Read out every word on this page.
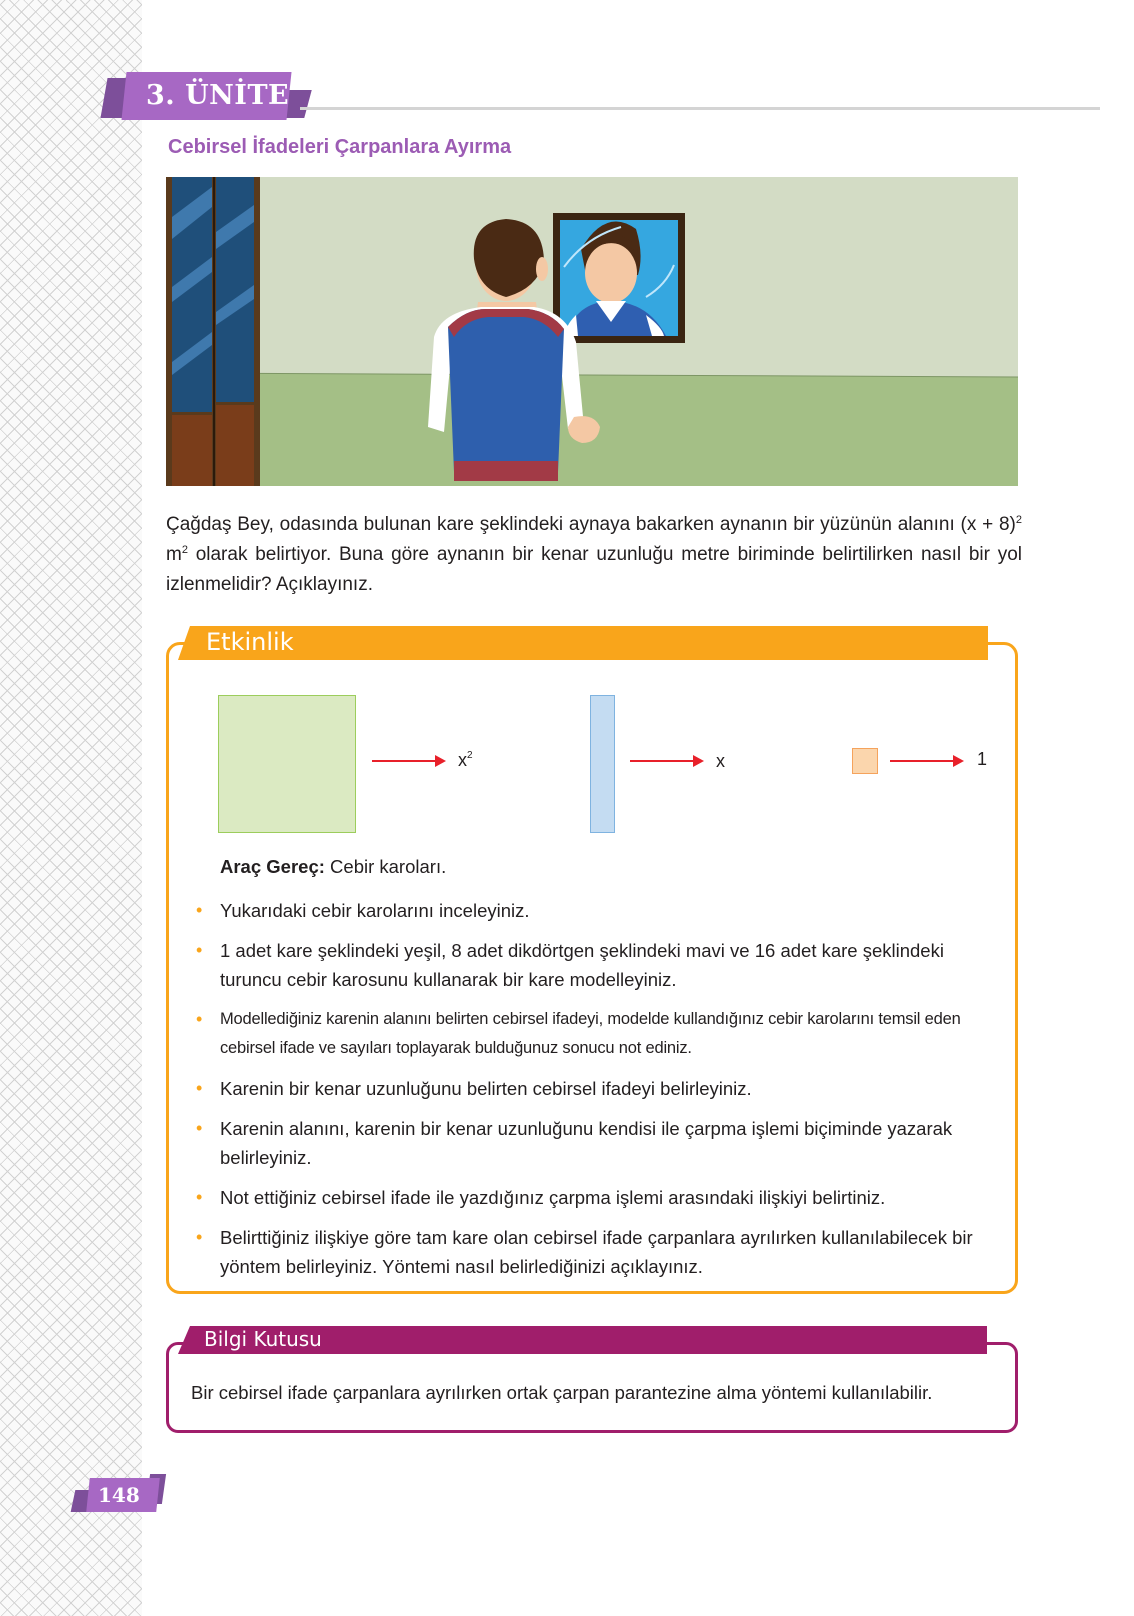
3. ÜNİTE
Cebirsel İfadeleri Çarpanlara Ayırma
Çağdaş Bey, odasında bulunan kare şeklindeki aynaya bakarken aynanın bir yüzünün alanını $(x + 8)^2$ $m^2$ olarak belirtiyor. Buna göre aynanın bir kenar uzunluğu metre biriminde belirtilirken nasıl bir yol izlenmelidir? Açıklayınız.
Etkinlik
$x^2$	x	1
Araç Gereç: Cebir karoları.
• Yukarıdaki cebir karolarını inceleyiniz.
• 1 adet kare şeklindeki yeşil, 8 adet dikdörtgen şeklindeki mavi ve 16 adet kare şeklindeki turuncu cebir karosunu kullanarak bir kare modelleyiniz.
• Modellediğiniz karenin alanını belirten cebirsel ifadeyi, modelde kullandığınız cebir karolarını temsil eden cebirsel ifade ve sayıları toplayarak bulduğunuz sonucu not ediniz.
• Karenin bir kenar uzunluğunu belirten cebirsel ifadeyi belirleyiniz.
• Karenin alanını, karenin bir kenar uzunluğunu kendisi ile çarpma işlemi biçiminde yazarak belirleyiniz.
• Not ettiğiniz cebirsel ifade ile yazdığınız çarpma işlemi arasındaki ilişkiyi belirtiniz.
• Belirttiğiniz ilişkiye göre tam kare olan cebirsel ifade çarpanlara ayrılırken kullanılabilecek bir yöntem belirleyiniz. Yöntemi nasıl belirlediğinizi açıklayınız.
Bilgi Kutusu
Bir cebirsel ifade çarpanlara ayrılırken ortak çarpan parantezine alma yöntemi kullanılabilir.
148
